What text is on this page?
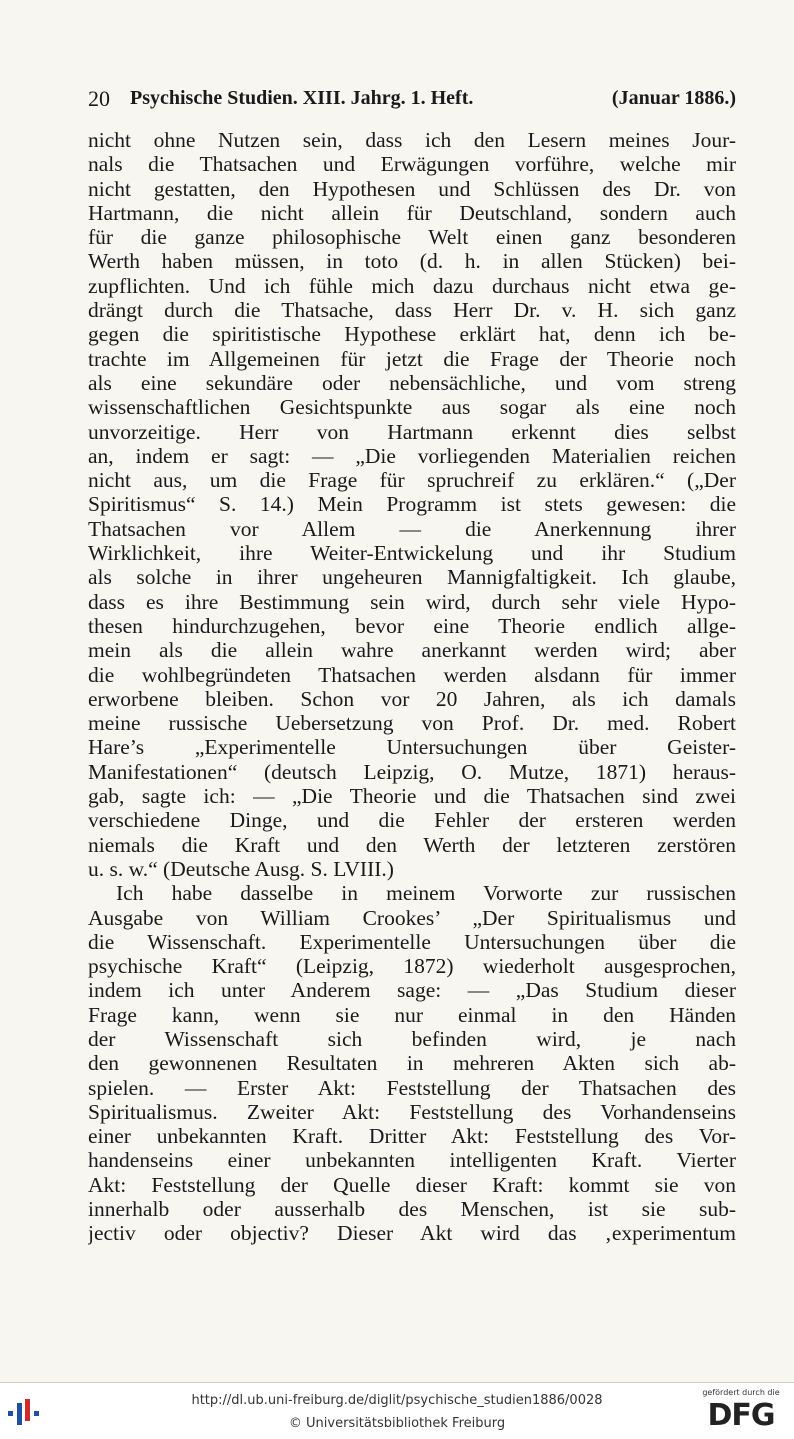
20 Psychische Studien. XIII. Jahrg. 1. Heft.	(Januar 1886.)
nicht ohne Nutzen sein, dass ich den Lesern meines Jour-
nals die Thatsachen und Erwägungen vorführe, welche mir
nicht gestatten, den Hypothesen und Schlüssen des Dr. von
Hartmann, die nicht allein für Deutschland, sondern auch
für die ganze philosophische Welt einen ganz besonderen
Werth haben müssen, in toto (d. h. in allen Stücken) bei-
zupflichten. Und ich fühle mich dazu durchaus nicht etwa ge-
drängt durch die Thatsache, dass Herr Dr. v. H. sich ganz
gegen die spiritistische Hypothese erklärt hat, denn ich be-
trachte im Allgemeinen für jetzt die Frage der Theorie noch
als eine sekundäre oder nebensächliche, und vom streng
wissenschaftlichen Gesichtspunkte aus sogar als eine noch
unvorzeitige. Herr von Hartmann erkennt dies selbst
an, indem er sagt: — „Die vorliegenden Materialien reichen
nicht aus, um die Frage für spruchreif zu erklären.“ („Der
Spiritismus“ S. 14.) Mein Programm ist stets gewesen: die
Thatsachen vor Allem — die Anerkennung ihrer
Wirklichkeit, ihre Weiter-Entwickelung und ihr Studium
als solche in ihrer ungeheuren Mannigfaltigkeit. Ich glaube,
dass es ihre Bestimmung sein wird, durch sehr viele Hypo-
thesen hindurchzugehen, bevor eine Theorie endlich allge-
mein als die allein wahre anerkannt werden wird; aber
die wohlbegründeten Thatsachen werden alsdann für immer
erworbene bleiben. Schon vor 20 Jahren, als ich damals
meine russische Uebersetzung von Prof. Dr. med. Robert
Hare’s „Experimentelle Untersuchungen über Geister-
Manifestationen“ (deutsch Leipzig, O. Mutze, 1871) heraus-
gab, sagte ich: — „Die Theorie und die Thatsachen sind zwei
verschiedene Dinge, und die Fehler der ersteren werden
niemals die Kraft und den Werth der letzteren zerstören
u. s. w.“ (Deutsche Ausg. S. LVIII.)
Ich habe dasselbe in meinem Vorworte zur russischen
Ausgabe von William Crookes’ „Der Spiritualismus und
die Wissenschaft. Experimentelle Untersuchungen über die
psychische Kraft“ (Leipzig, 1872) wiederholt ausgesprochen,
indem ich unter Anderem sage: — „Das Studium dieser
Frage kann, wenn sie nur einmal in den Händen
der Wissenschaft sich befinden wird, je nach
den gewonnenen Resultaten in mehreren Akten sich ab-
spielen. — Erster Akt: Feststellung der Thatsachen des
Spiritualismus. Zweiter Akt: Feststellung des Vorhandenseins
einer unbekannten Kraft. Dritter Akt: Feststellung des Vor-
handenseins einer unbekannten intelligenten Kraft. Vierter
Akt: Feststellung der Quelle dieser Kraft: kommt sie von
innerhalb oder ausserhalb des Menschen, ist sie sub-
jectiv oder objectiv? Dieser Akt wird das ‚experimentum
http://dl.ub.uni-freiburg.de/diglit/psychische_studien1886/0028
© Universitätsbibliothek Freiburg
gefördert durch die
DFG
